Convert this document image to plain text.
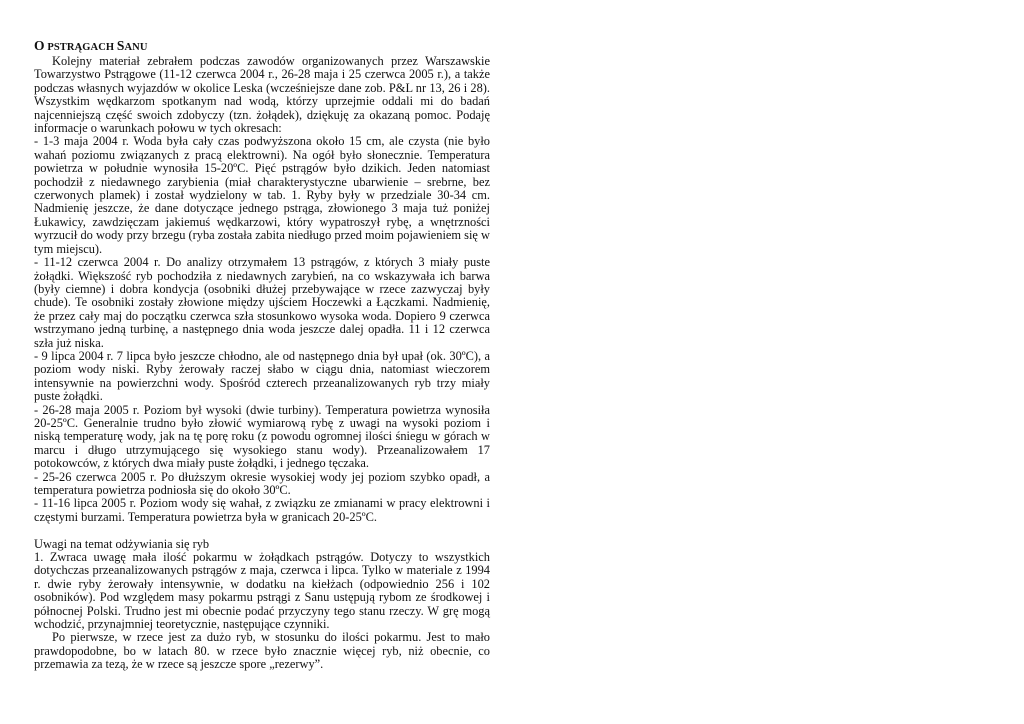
O PSTRĄGACH SANU

Kolejny materiał zebrałem podczas zawodów organizowanych przez Warszawskie Towarzystwo Pstrągowe (11-12 czerwca 2004 r., 26-28 maja i 25 czerwca 2005 r.), a także podczas własnych wyjazdów w okolice Leska (wcześniejsze dane zob. P&L nr 13, 26 i 28). Wszystkim wędkarzom spotkanym nad wodą, którzy uprzejmie oddali mi do badań najcenniejszą część swoich zdobyczy (tzn. żołądek), dziękuję za okazaną pomoc. Podaję informacje o warunkach połowu w tych okresach:

- 1-3 maja 2004 r. Woda była cały czas podwyższona około 15 cm, ale czysta (nie było wahań poziomu związanych z pracą elektrowni). Na ogół było słonecznie. Temperatura powietrza w południe wynosiła 15-20ºC. Pięć pstrągów było dzikich. Jeden natomiast pochodził z niedawnego zarybienia (miał charakterystyczne ubarwienie – srebrne, bez czerwonych plamek) i został wydzielony w tab. 1. Ryby były w przedziale 30-34 cm. Nadmienię jeszcze, że dane dotyczące jednego pstrąga, złowionego 3 maja tuż poniżej Łukawicy, zawdzięczam jakiemuś wędkarzowi, który wypatroszył rybę, a wnętrzności wyrzucił do wody przy brzegu (ryba została zabita niedługo przed moim pojawieniem się w tym miejscu).

- 11-12 czerwca 2004 r. Do analizy otrzymałem 13 pstrągów, z których 3 miały puste żołądki. Większość ryb pochodziła z niedawnych zarybień, na co wskazywała ich barwa (były ciemne) i dobra kondycja (osobniki dłużej przebywające w rzece zazwyczaj były chude). Te osobniki zostały złowione między ujściem Hoczewki a Łączkami. Nadmienię, że przez cały maj do początku czerwca szła stosunkowo wysoka woda. Dopiero 9 czerwca wstrzymano jedną turbinę, a następnego dnia woda jeszcze dalej opadła. 11 i 12 czerwca szła już niska.

- 9 lipca 2004 r. 7 lipca było jeszcze chłodno, ale od następnego dnia był upał (ok. 30ºC), a poziom wody niski. Ryby żerowały raczej słabo w ciągu dnia, natomiast wieczorem intensywnie na powierzchni wody. Spośród czterech przeanalizowanych ryb trzy miały puste żołądki.

- 26-28 maja 2005 r. Poziom był wysoki (dwie turbiny). Temperatura powietrza wynosiła 20-25ºC. Generalnie trudno było złowić wymiarową rybę z uwagi na wysoki poziom i niską temperaturę wody, jak na tę porę roku (z powodu ogromnej ilości śniegu w górach w marcu i długo utrzymującego się wysokiego stanu wody). Przeanalizowałem 17 potokowców, z których dwa miały puste żołądki, i jednego tęczaka.

- 25-26 czerwca 2005 r. Po dłuższym okresie wysokiej wody jej poziom szybko opadł, a temperatura powietrza podniosła się do około 30ºC.

- 11-16 lipca 2005 r. Poziom wody się wahał, z związku ze zmianami w pracy elektrowni i częstymi burzami. Temperatura powietrza była w granicach 20-25ºC.

Uwagi na temat odżywiania się ryb

1. Zwraca uwagę mała ilość pokarmu w żołądkach pstrągów. Dotyczy to wszystkich dotychczas przeanalizowanych pstrągów z maja, czerwca i lipca. Tylko w materiale z 1994 r. dwie ryby żerowały intensywnie, w dodatku na kiełżach (odpowiednio 256 i 102 osobników). Pod względem masy pokarmu pstrągi z Sanu ustępują rybom ze środkowej i północnej Polski. Trudno jest mi obecnie podać przyczyny tego stanu rzeczy. W grę mogą wchodzić, przynajmniej teoretycznie, następujące czynniki.

Po pierwsze, w rzece jest za dużo ryb, w stosunku do ilości pokarmu. Jest to mało prawdopodobne, bo w latach 80. w rzece było znacznie więcej ryb, niż obecnie, co przemawia za tezą, że w rzece są jeszcze spore „rezerwy”.
